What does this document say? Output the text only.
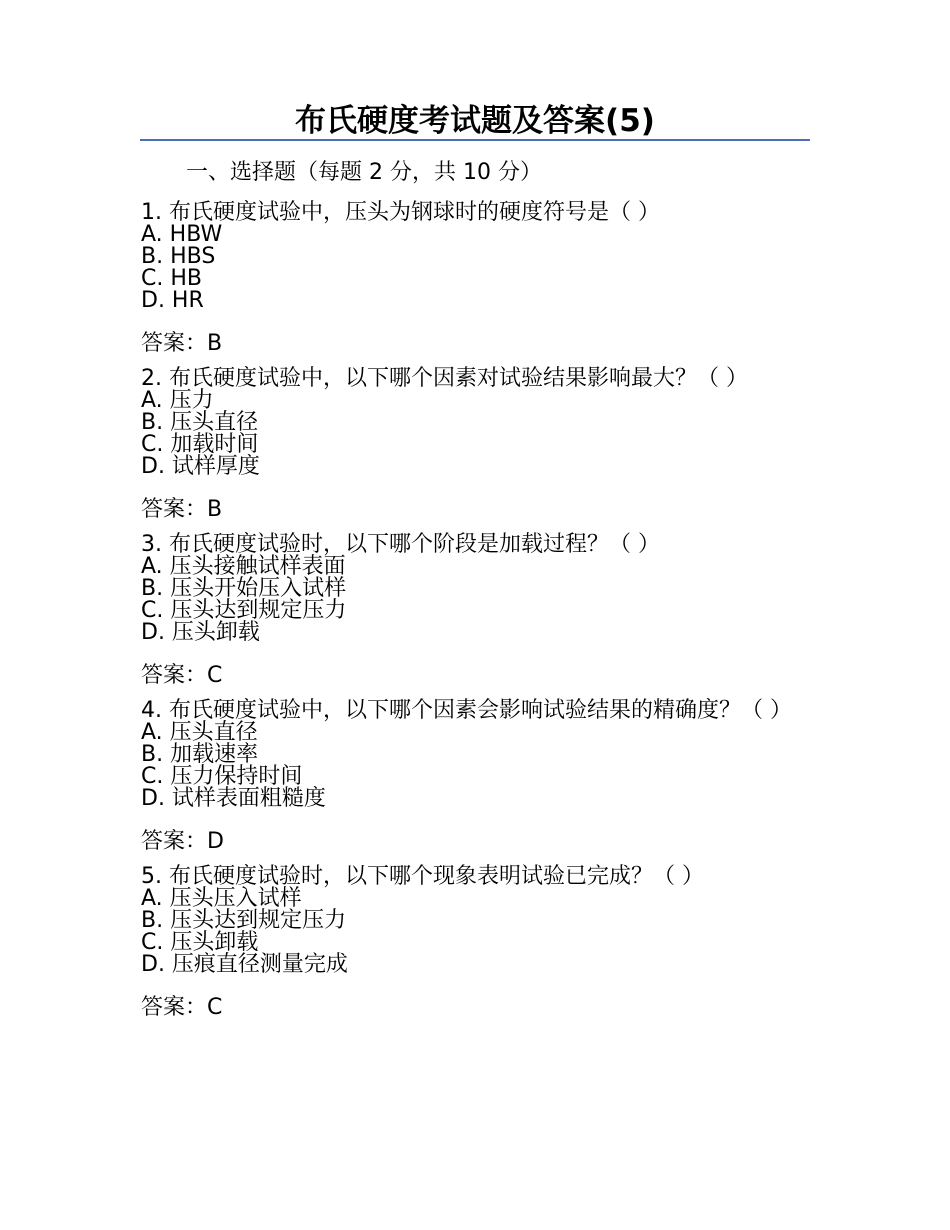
布氏硬度考试题及答案(5)

一、选择题（每题 2 分，共 10 分）

1. 布氏硬度试验中，压头为钢球时的硬度符号是（ ）

A. HBW

B. HBS

C. HB

D. HR

答案：B

2. 布氏硬度试验中，以下哪个因素对试验结果影响最大？（ ）

A. 压力

B. 压头直径

C. 加载时间

D. 试样厚度

答案：B

3. 布氏硬度试验时，以下哪个阶段是加载过程？（ ）

A. 压头接触试样表面

B. 压头开始压入试样

C. 压头达到规定压力

D. 压头卸载

答案：C

4. 布氏硬度试验中，以下哪个因素会影响试验结果的精确度？（ ）

A. 压头直径

B. 加载速率

C. 压力保持时间

D. 试样表面粗糙度

答案：D

5. 布氏硬度试验时，以下哪个现象表明试验已完成？（ ）

A. 压头压入试样

B. 压头达到规定压力

C. 压头卸载

D. 压痕直径测量完成

答案：C
